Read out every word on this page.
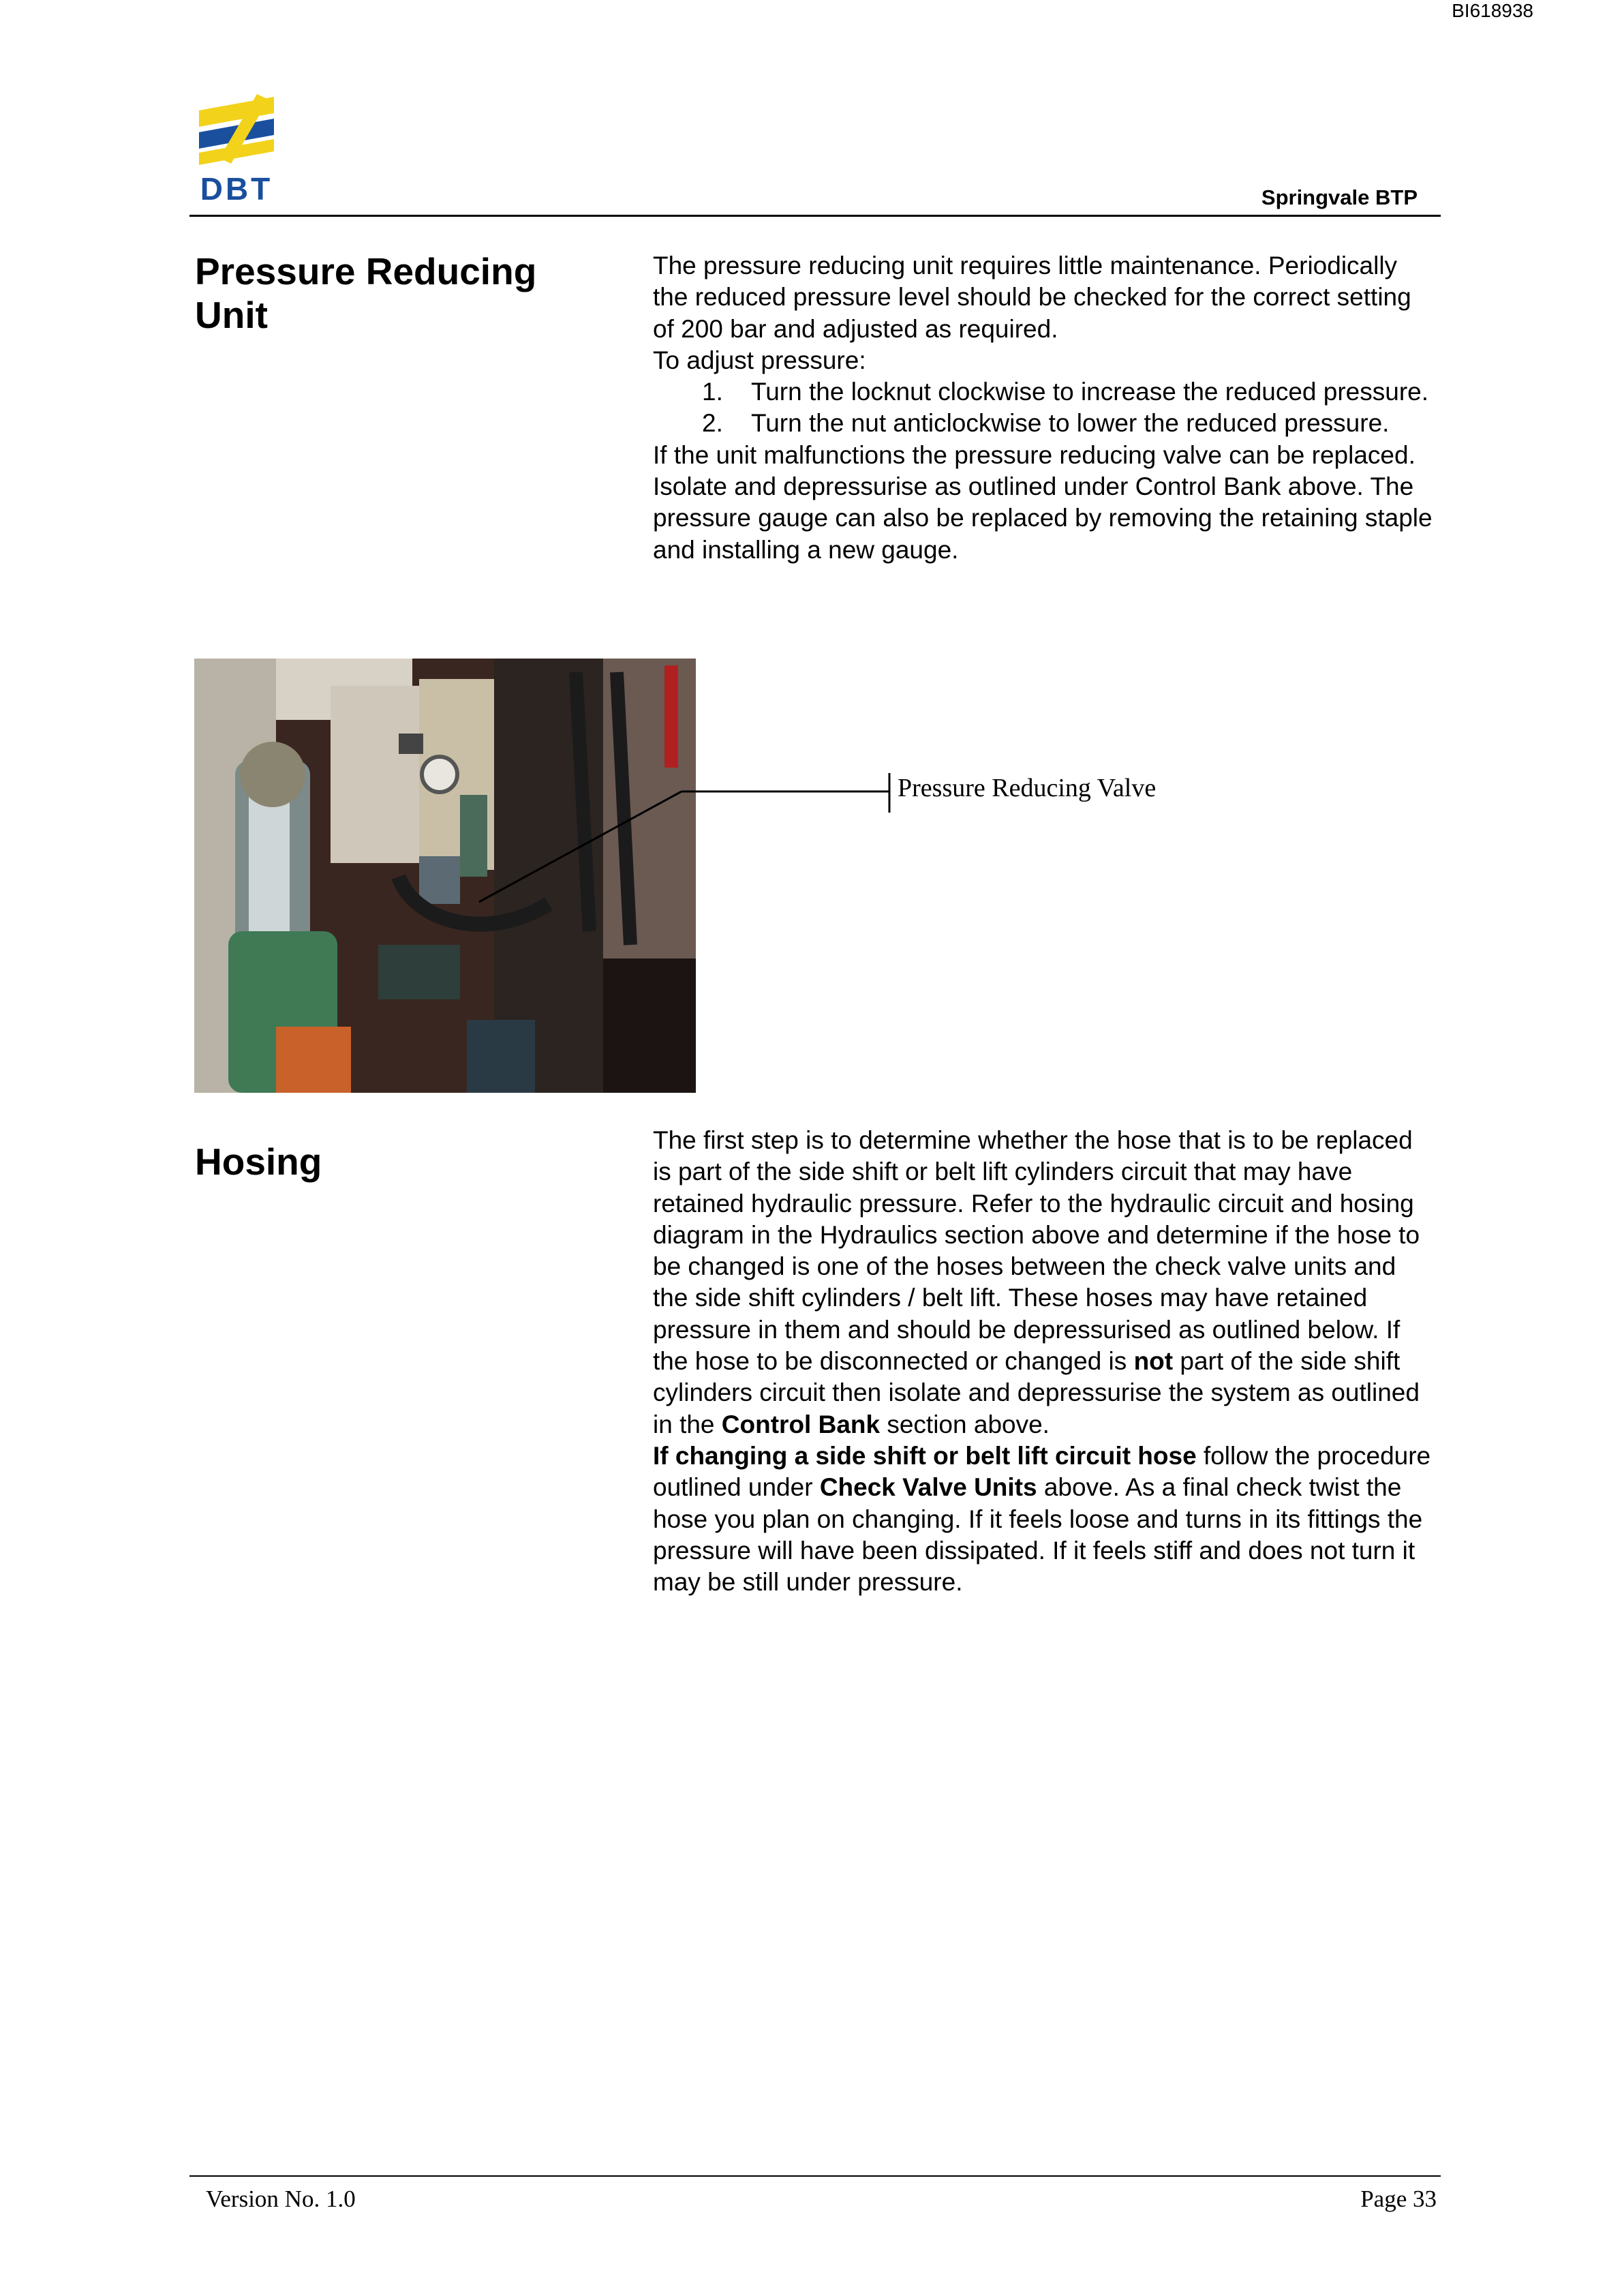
BI618938
DBT	Springvale BTP
Pressure Reducing Unit

The pressure reducing unit requires little maintenance. Periodically the reduced pressure level should be checked for the correct setting of 200 bar and adjusted as required.

To adjust pressure:

1. Turn the locknut clockwise to increase the reduced pressure.
2. Turn the nut anticlockwise to lower the reduced pressure.

If the unit malfunctions the pressure reducing valve can be replaced. Isolate and depressurise as outlined under Control Bank above. The pressure gauge can also be replaced by removing the retaining staple and installing a new gauge.

Pressure Reducing Valve
Hosing

The first step is to determine whether the hose that is to be replaced is part of the side shift or belt lift cylinders circuit that may have retained hydraulic pressure. Refer to the hydraulic circuit and hosing diagram in the Hydraulics section above and determine if the hose to be changed is one of the hoses between the check valve units and the side shift cylinders / belt lift. These hoses may have retained pressure in them and should be depressurised as outlined below. If the hose to be disconnected or changed is not part of the side shift cylinders circuit then isolate and depressurise the system as outlined in the Control Bank section above.

If changing a side shift or belt lift circuit hose follow the procedure outlined under Check Valve Units above. As a final check twist the hose you plan on changing. If it feels loose and turns in its fittings the pressure will have been dissipated. If it feels stiff and does not turn it may be still under pressure.

Version No. 1.0	Page 33
